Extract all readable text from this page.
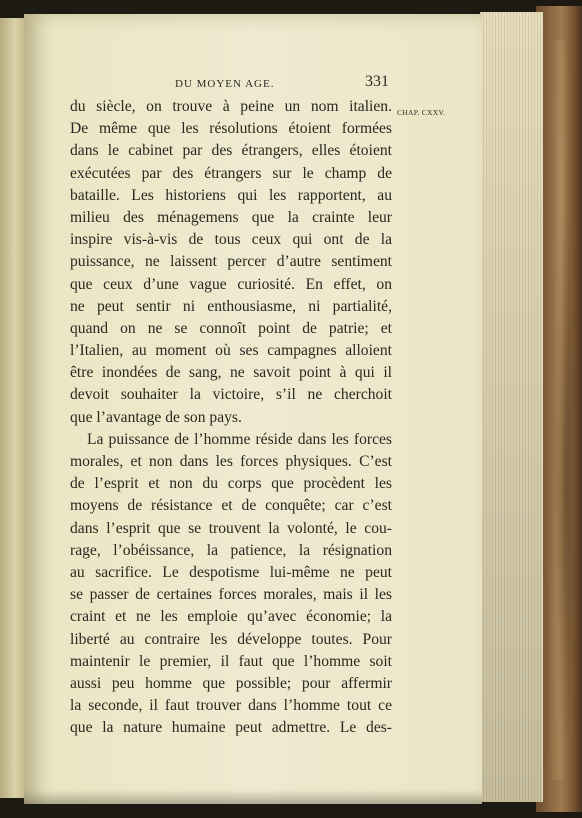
DU MOYEN AGE.	331
CHAP. CXXV.
du siècle, on trouve à peine un nom italien.
De même que les résolutions étoient formées
dans le cabinet par des étrangers, elles étoient
exécutées par des étrangers sur le champ de
bataille. Les historiens qui les rapportent, au
milieu des ménagemens que la crainte leur
inspire vis-à-vis de tous ceux qui ont de la
puissance, ne laissent percer d’autre sentiment
que ceux d’une vague curiosité. En effet, on
ne peut sentir ni enthousiasme, ni partialité,
quand on ne se connoît point de patrie; et
l’Italien, au moment où ses campagnes alloient
être inondées de sang, ne savoit point à qui il
devoit souhaiter la victoire, s’il ne cherchoit
que l’avantage de son pays.
La puissance de l’homme réside dans les forces
morales, et non dans les forces physiques. C’est
de l’esprit et non du corps que procèdent les
moyens de résistance et de conquête; car c’est
dans l’esprit que se trouvent la volonté, le cou-
rage, l’obéissance, la patience, la résignation
au sacrifice. Le despotisme lui-même ne peut
se passer de certaines forces morales, mais il les
craint et ne les emploie qu’avec économie; la
liberté au contraire les développe toutes. Pour
maintenir le premier, il faut que l’homme soit
aussi peu homme que possible; pour affermir
la seconde, il faut trouver dans l’homme tout ce
que la nature humaine peut admettre. Le des-
